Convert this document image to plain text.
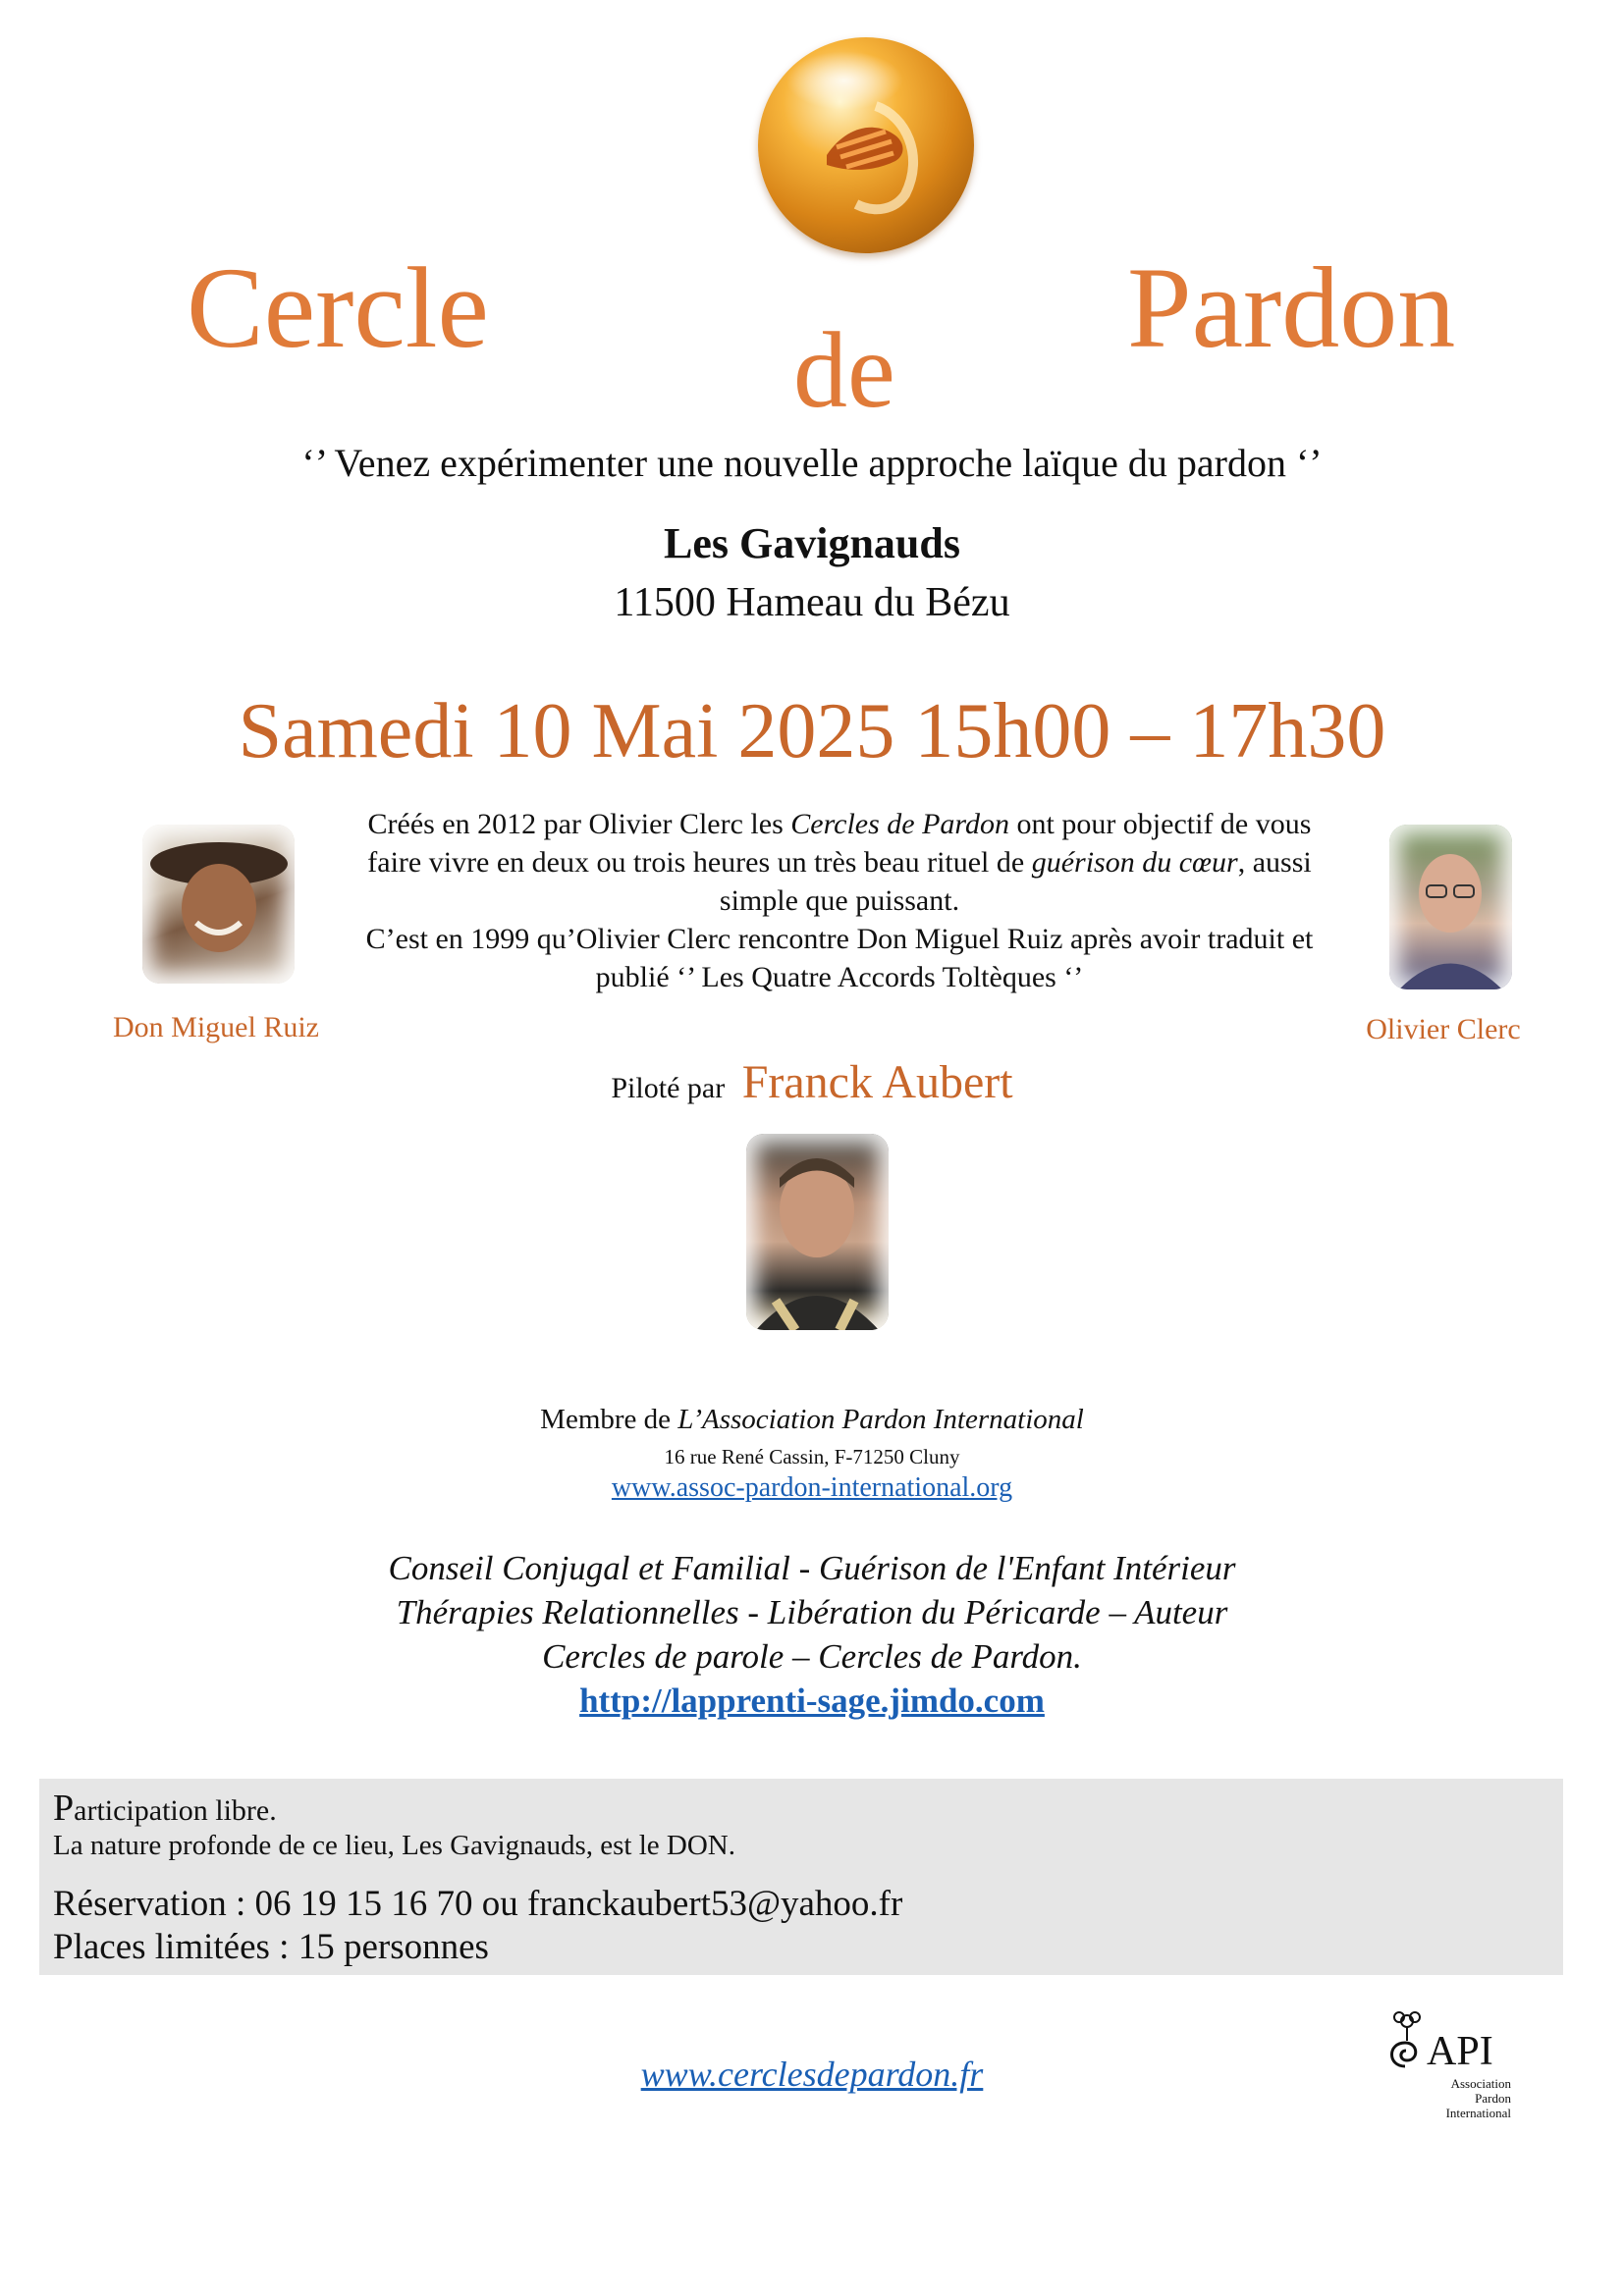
Cercle	de Pardon
‘’ Venez expérimenter une nouvelle approche laïque du pardon ‘’
Les Gavignauds
11500 Hameau du Bézu
Samedi 10 Mai 2025 15h00 – 17h30
Don Miguel Ruiz	Olivier Clerc
Créés en 2012 par Olivier Clerc les Cercles de Pardon ont pour objectif de vous faire vivre en deux ou trois heures un très beau rituel de guérison du cœur, aussi simple que puissant.
C’est en 1999 qu’Olivier Clerc rencontre Don Miguel Ruiz après avoir traduit et publié ‘’ Les Quatre Accords Toltèques ‘’
Piloté par Franck Aubert
Membre de L’Association Pardon International
16 rue René Cassin, F-71250 Cluny
www.assoc-pardon-international.org
Conseil Conjugal et Familial - Guérison de l'Enfant Intérieur
Thérapies Relationnelles - Libération du Péricarde – Auteur
Cercles de parole – Cercles de Pardon.
http://lapprenti-sage.jimdo.com
Participation libre.
La nature profonde de ce lieu, Les Gavignauds, est le DON.
Réservation : 06 19 15 16 70 ou franckaubert53@yahoo.fr
Places limitées : 15 personnes
www.cerclesdepardon.fr	API
Association
Pardon
International
